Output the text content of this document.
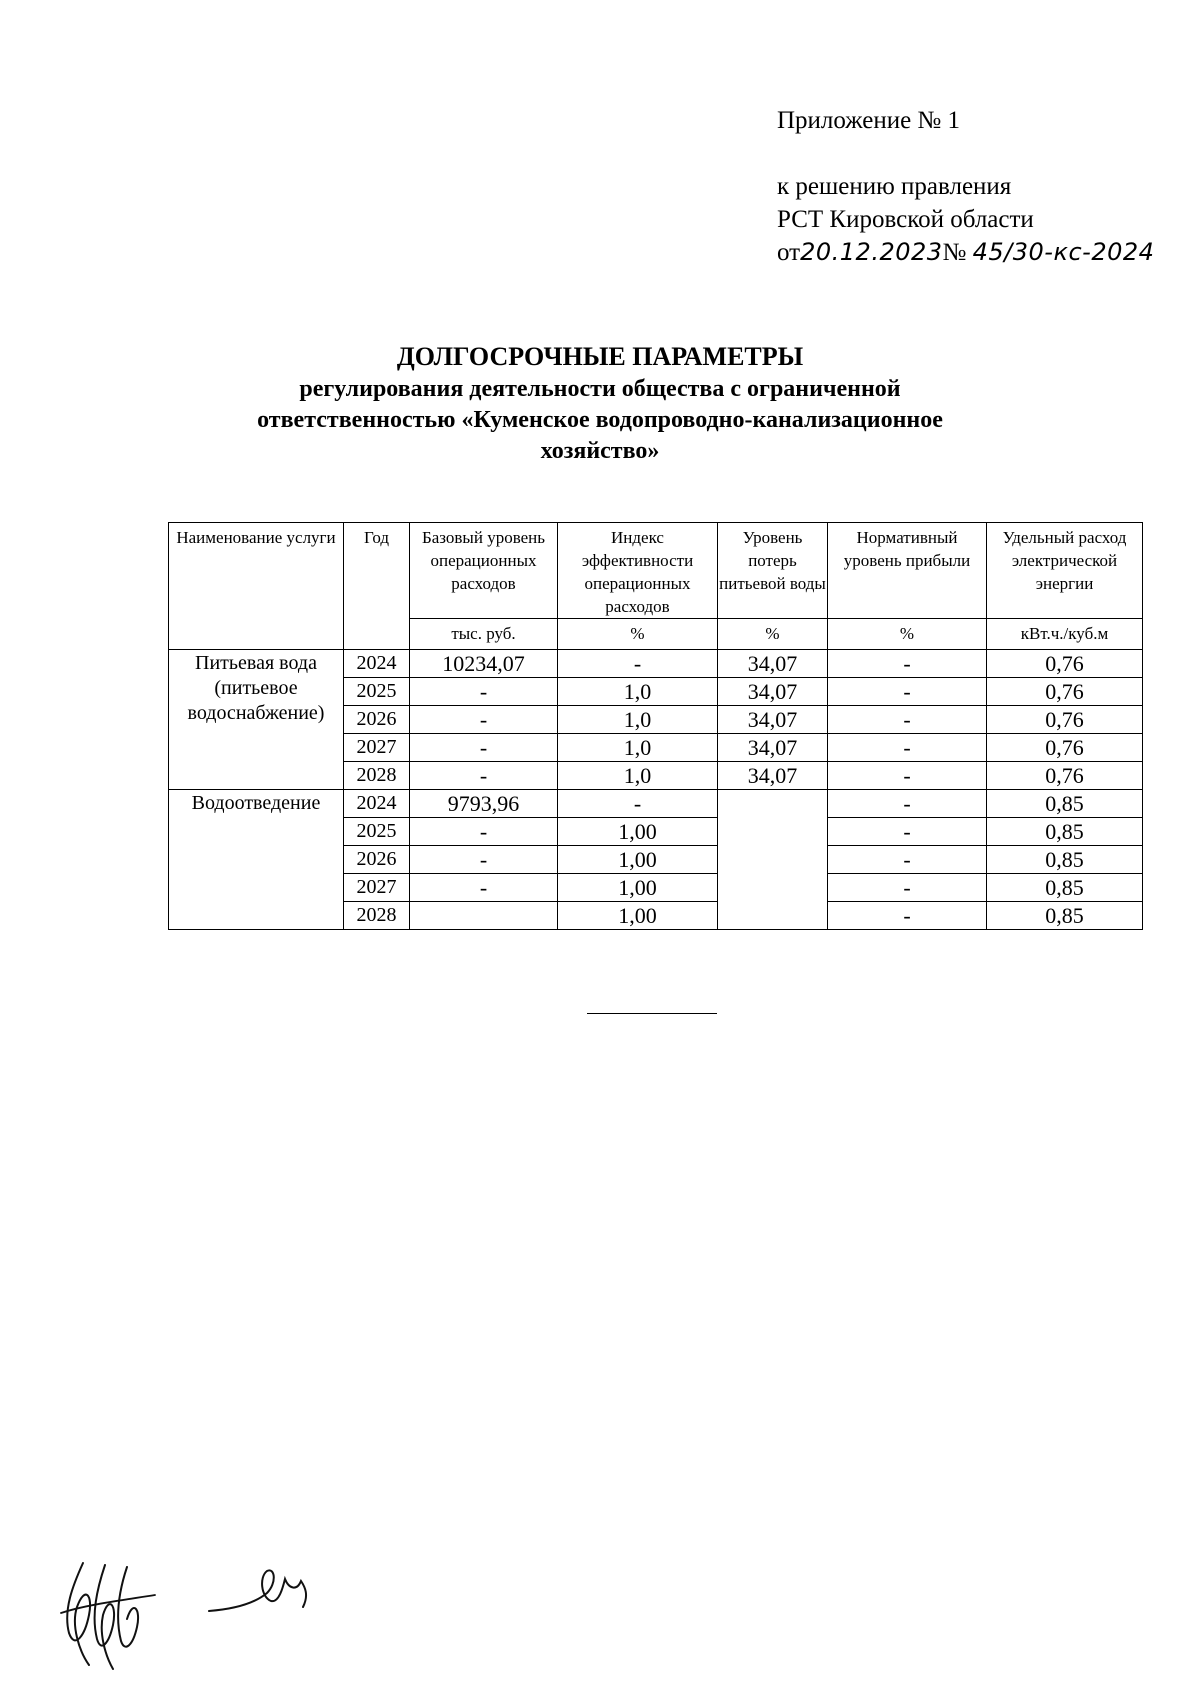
Приложение № 1
к решению правления
РСТ Кировской области
от20.12.2023№ 45/30-кс-2024
ДОЛГОСРОЧНЫЕ ПАРАМЕТРЫ
регулирования деятельности общества с ограниченной
ответственностью «Куменское водопроводно-канализационное
хозяйство»
Наименование услуги	Год	Базовый уровень операционных расходов	Индекс эффективности операционных расходов	Уровень потерь питьевой воды	Нормативный уровень прибыли	Удельный расход электрической энергии
		тыс. руб.	%	%	%	кВт.ч./куб.м

Питьевая вода
(питьевое
водоснабжение)	2024	10234,07	-	34,07	-	0,76
	2025	-	1,0	34,07	-	0,76
	2026	-	1,0	34,07	-	0,76
	2027	-	1,0	34,07	-	0,76
	2028	-	1,0	34,07	-	0,76

Водоотведение	2024	9793,96	-		-	0,85
	2025	-	1,00		-	0,85
	2026	-	1,00		-	0,85
	2027	-	1,00		-	0,85
	2028		1,00		-	0,85
